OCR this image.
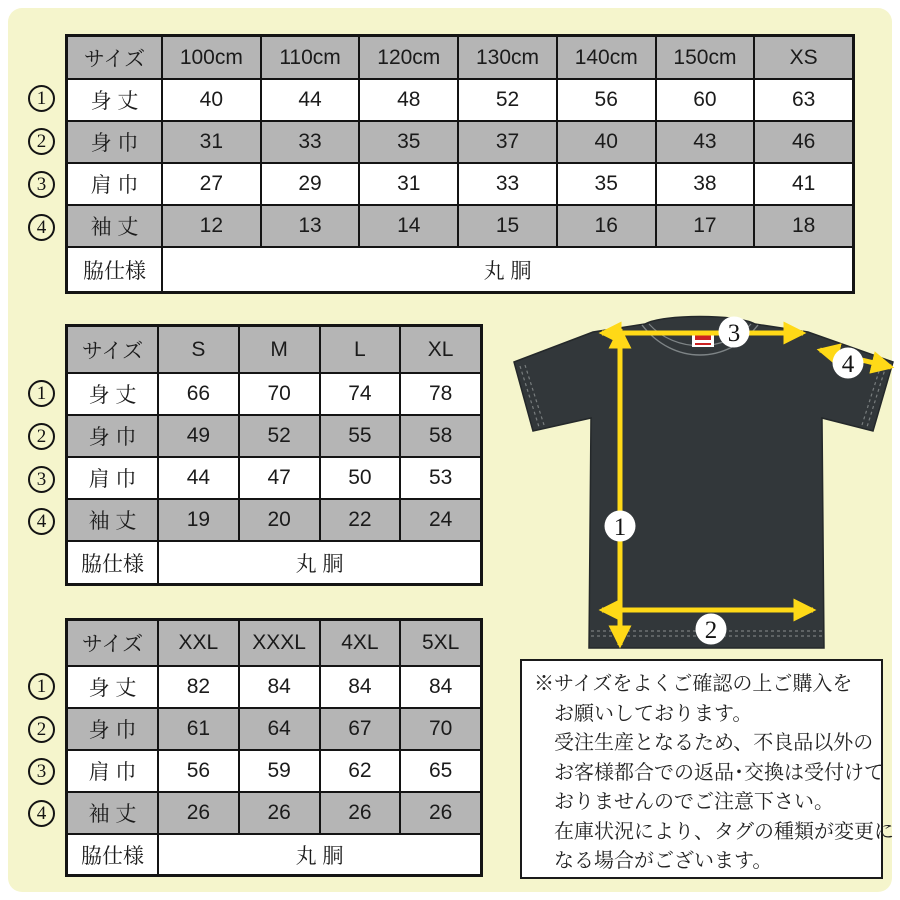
サイズ	100cm	110cm	120cm	130cm	140cm	150cm	XS
身 丈	40	44	48	52	56	60	63
身 巾	31	33	35	37	40	43	46
肩 巾	27	29	31	33	35	38	41
袖 丈	12	13	14	15	16	17	18
脇仕様	丸 胴
サイズ	S	M	L	XL
身 丈	66	70	74	78
身 巾	49	52	55	58
肩 巾	44	47	50	53
袖 丈	19	20	22	24
脇仕様	丸 胴
サイズ	XXL	XXXL	4XL	5XL
身 丈	82	84	84	84
身 巾	61	64	67	70
肩 巾	56	59	62	65
袖 丈	26	26	26	26
脇仕様	丸 胴
1
2
3
4
1
2
3
4
1
2
3
4
3
4
1
2
※サイズをよくご確認の上ご購入を
お願いしております。
受注生産となるため、不良品以外の
お客様都合での返品･交換は受付けて
おりませんのでご注意下さい。
在庫状況により、タグの種類が変更に
なる場合がございます。
